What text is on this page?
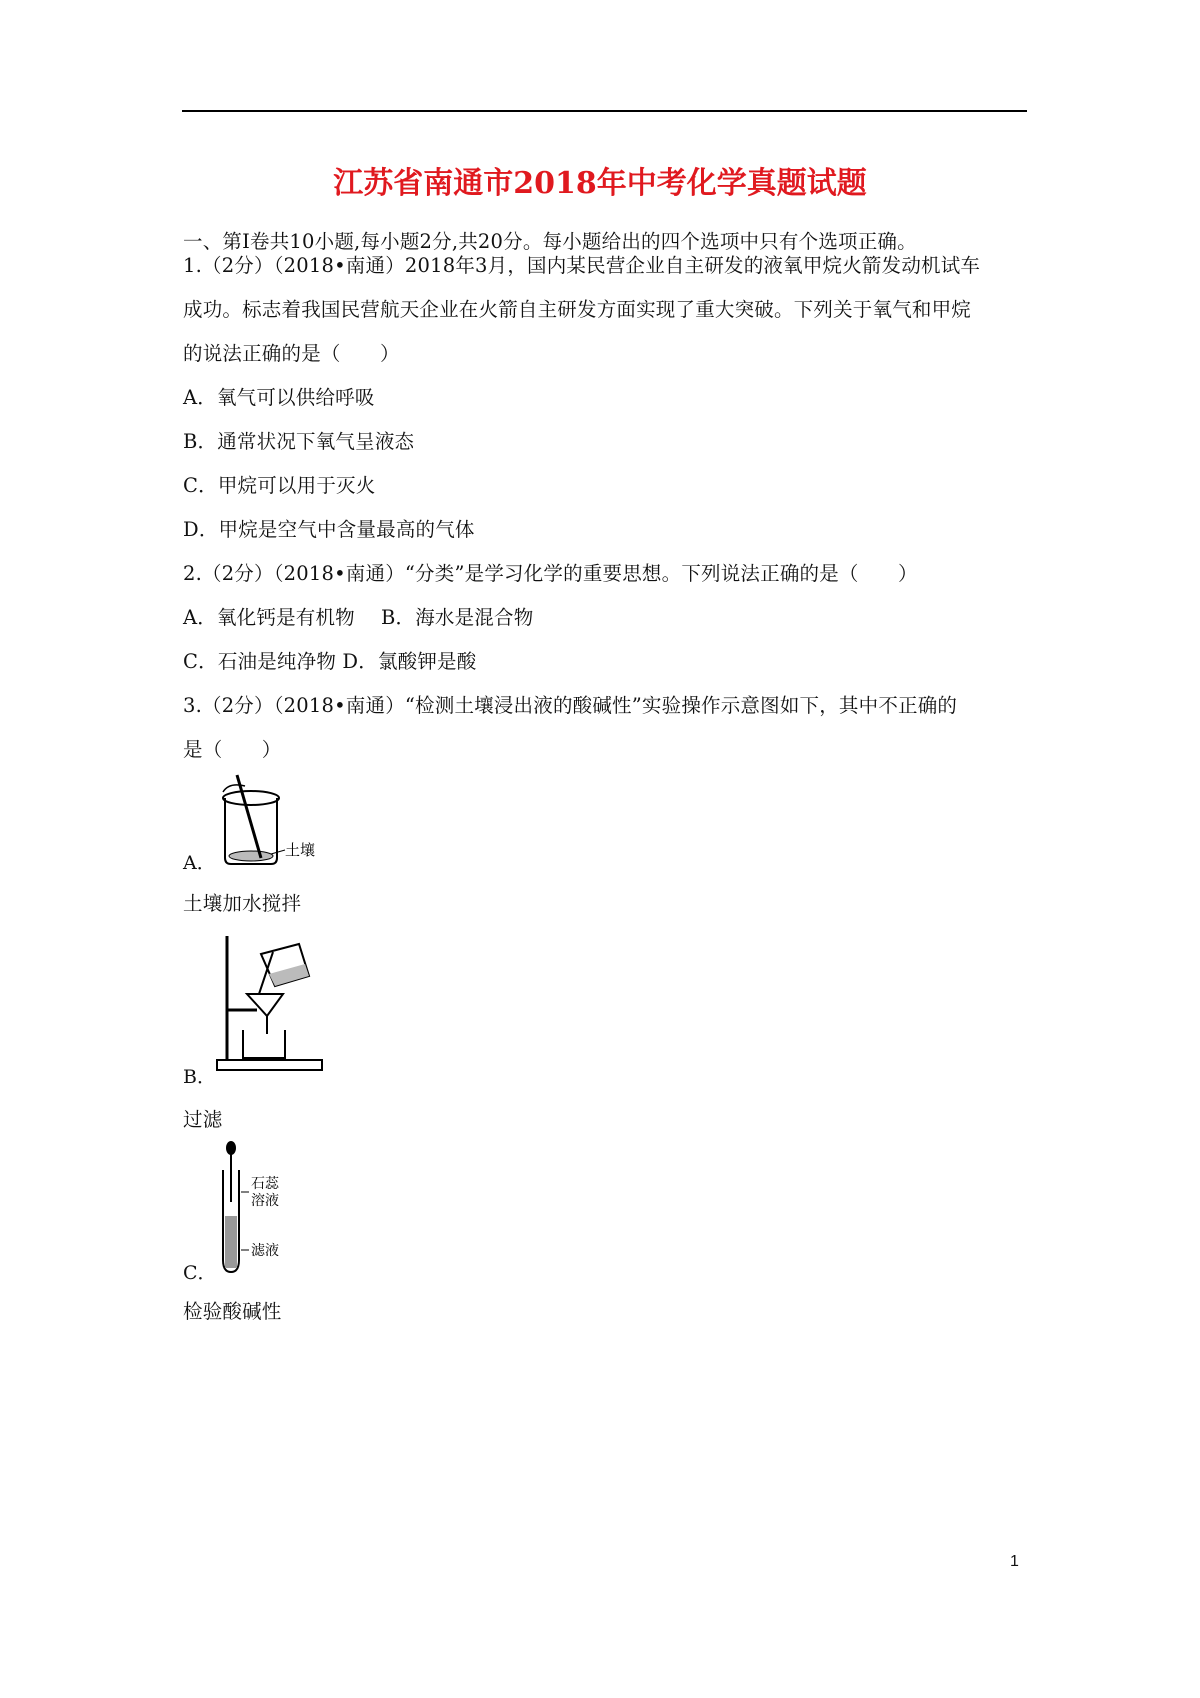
江苏省南通市2018年中考化学真题试题
一、第Ⅰ卷共10小题,每小题2分,共20分。每小题给出的四个选项中只有个选项正确。
1.（2分）（2018•南通）2018年3月，国内某民营企业自主研发的液氧甲烷火箭发动机试车
成功。标志着我国民营航天企业在火箭自主研发方面实现了重大突破。下列关于氧气和甲烷
的说法正确的是（　　）
A．氧气可以供给呼吸
B．通常状况下氧气呈液态
C．甲烷可以用于灭火
D．甲烷是空气中含量最高的气体
2.（2分）（2018•南通）“分类”是学习化学的重要思想。下列说法正确的是（　　）
A．氧化钙是有机物　 B．海水是混合物
C．石油是纯净物 D．氯酸钾是酸
3.（2分）（2018•南通）“检测土壤浸出液的酸碱性”实验操作示意图如下，其中不正确的
是（　　）
土壤
A．
土壤加水搅拌
B．
过滤
石蕊
溶液
滤液
C．
检验酸碱性
1
